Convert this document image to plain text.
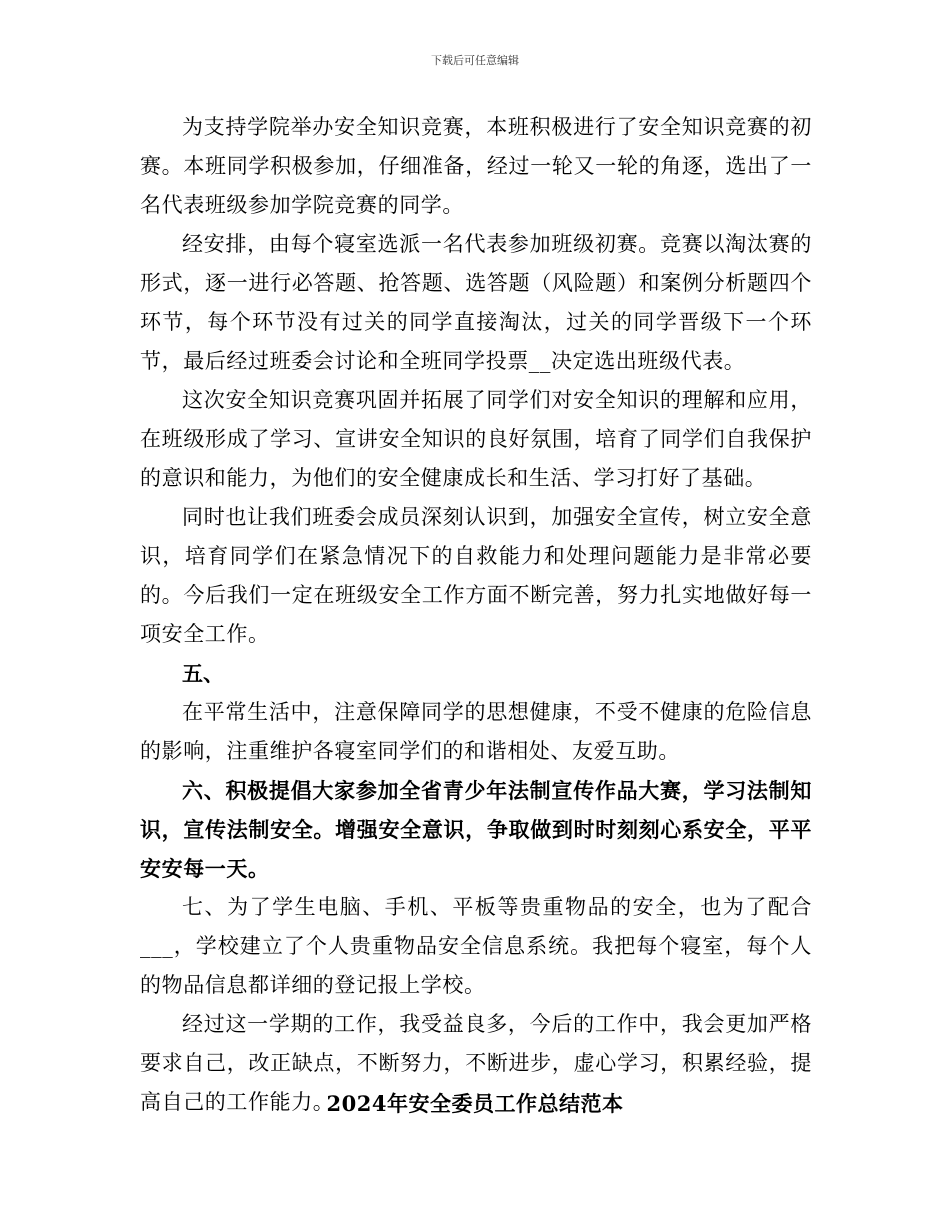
下载后可任意编辑

为支持学院举办安全知识竞赛，本班积极进行了安全知识竞赛的初赛。本班同学积极参加，仔细准备，经过一轮又一轮的角逐，选出了一名代表班级参加学院竞赛的同学。

经安排，由每个寝室选派一名代表参加班级初赛。竞赛以淘汰赛的形式，逐一进行必答题、抢答题、选答题（风险题）和案例分析题四个环节，每个环节没有过关的同学直接淘汰，过关的同学晋级下一个环节，最后经过班委会讨论和全班同学投票__决定选出班级代表。

这次安全知识竞赛巩固并拓展了同学们对安全知识的理解和应用，在班级形成了学习、宣讲安全知识的良好氛围，培育了同学们自我保护的意识和能力，为他们的安全健康成长和生活、学习打好了基础。

同时也让我们班委会成员深刻认识到，加强安全宣传，树立安全意识，培育同学们在紧急情况下的自救能力和处理问题能力是非常必要的。今后我们一定在班级安全工作方面不断完善，努力扎实地做好每一项安全工作。

五、

在平常生活中，注意保障同学的思想健康，不受不健康的危险信息的影响，注重维护各寝室同学们的和谐相处、友爱互助。

六、积极提倡大家参加全省青少年法制宣传作品大赛，学习法制知识，宣传法制安全。增强安全意识，争取做到时时刻刻心系安全，平平安安每一天。

七、为了学生电脑、手机、平板等贵重物品的安全，也为了配合___，学校建立了个人贵重物品安全信息系统。我把每个寝室，每个人的物品信息都详细的登记报上学校。

经过这一学期的工作，我受益良多，今后的工作中，我会更加严格要求自己，改正缺点，不断努力，不断进步，虚心学习，积累经验，提高自己的工作能力。

2024年安全委员工作总结范本
